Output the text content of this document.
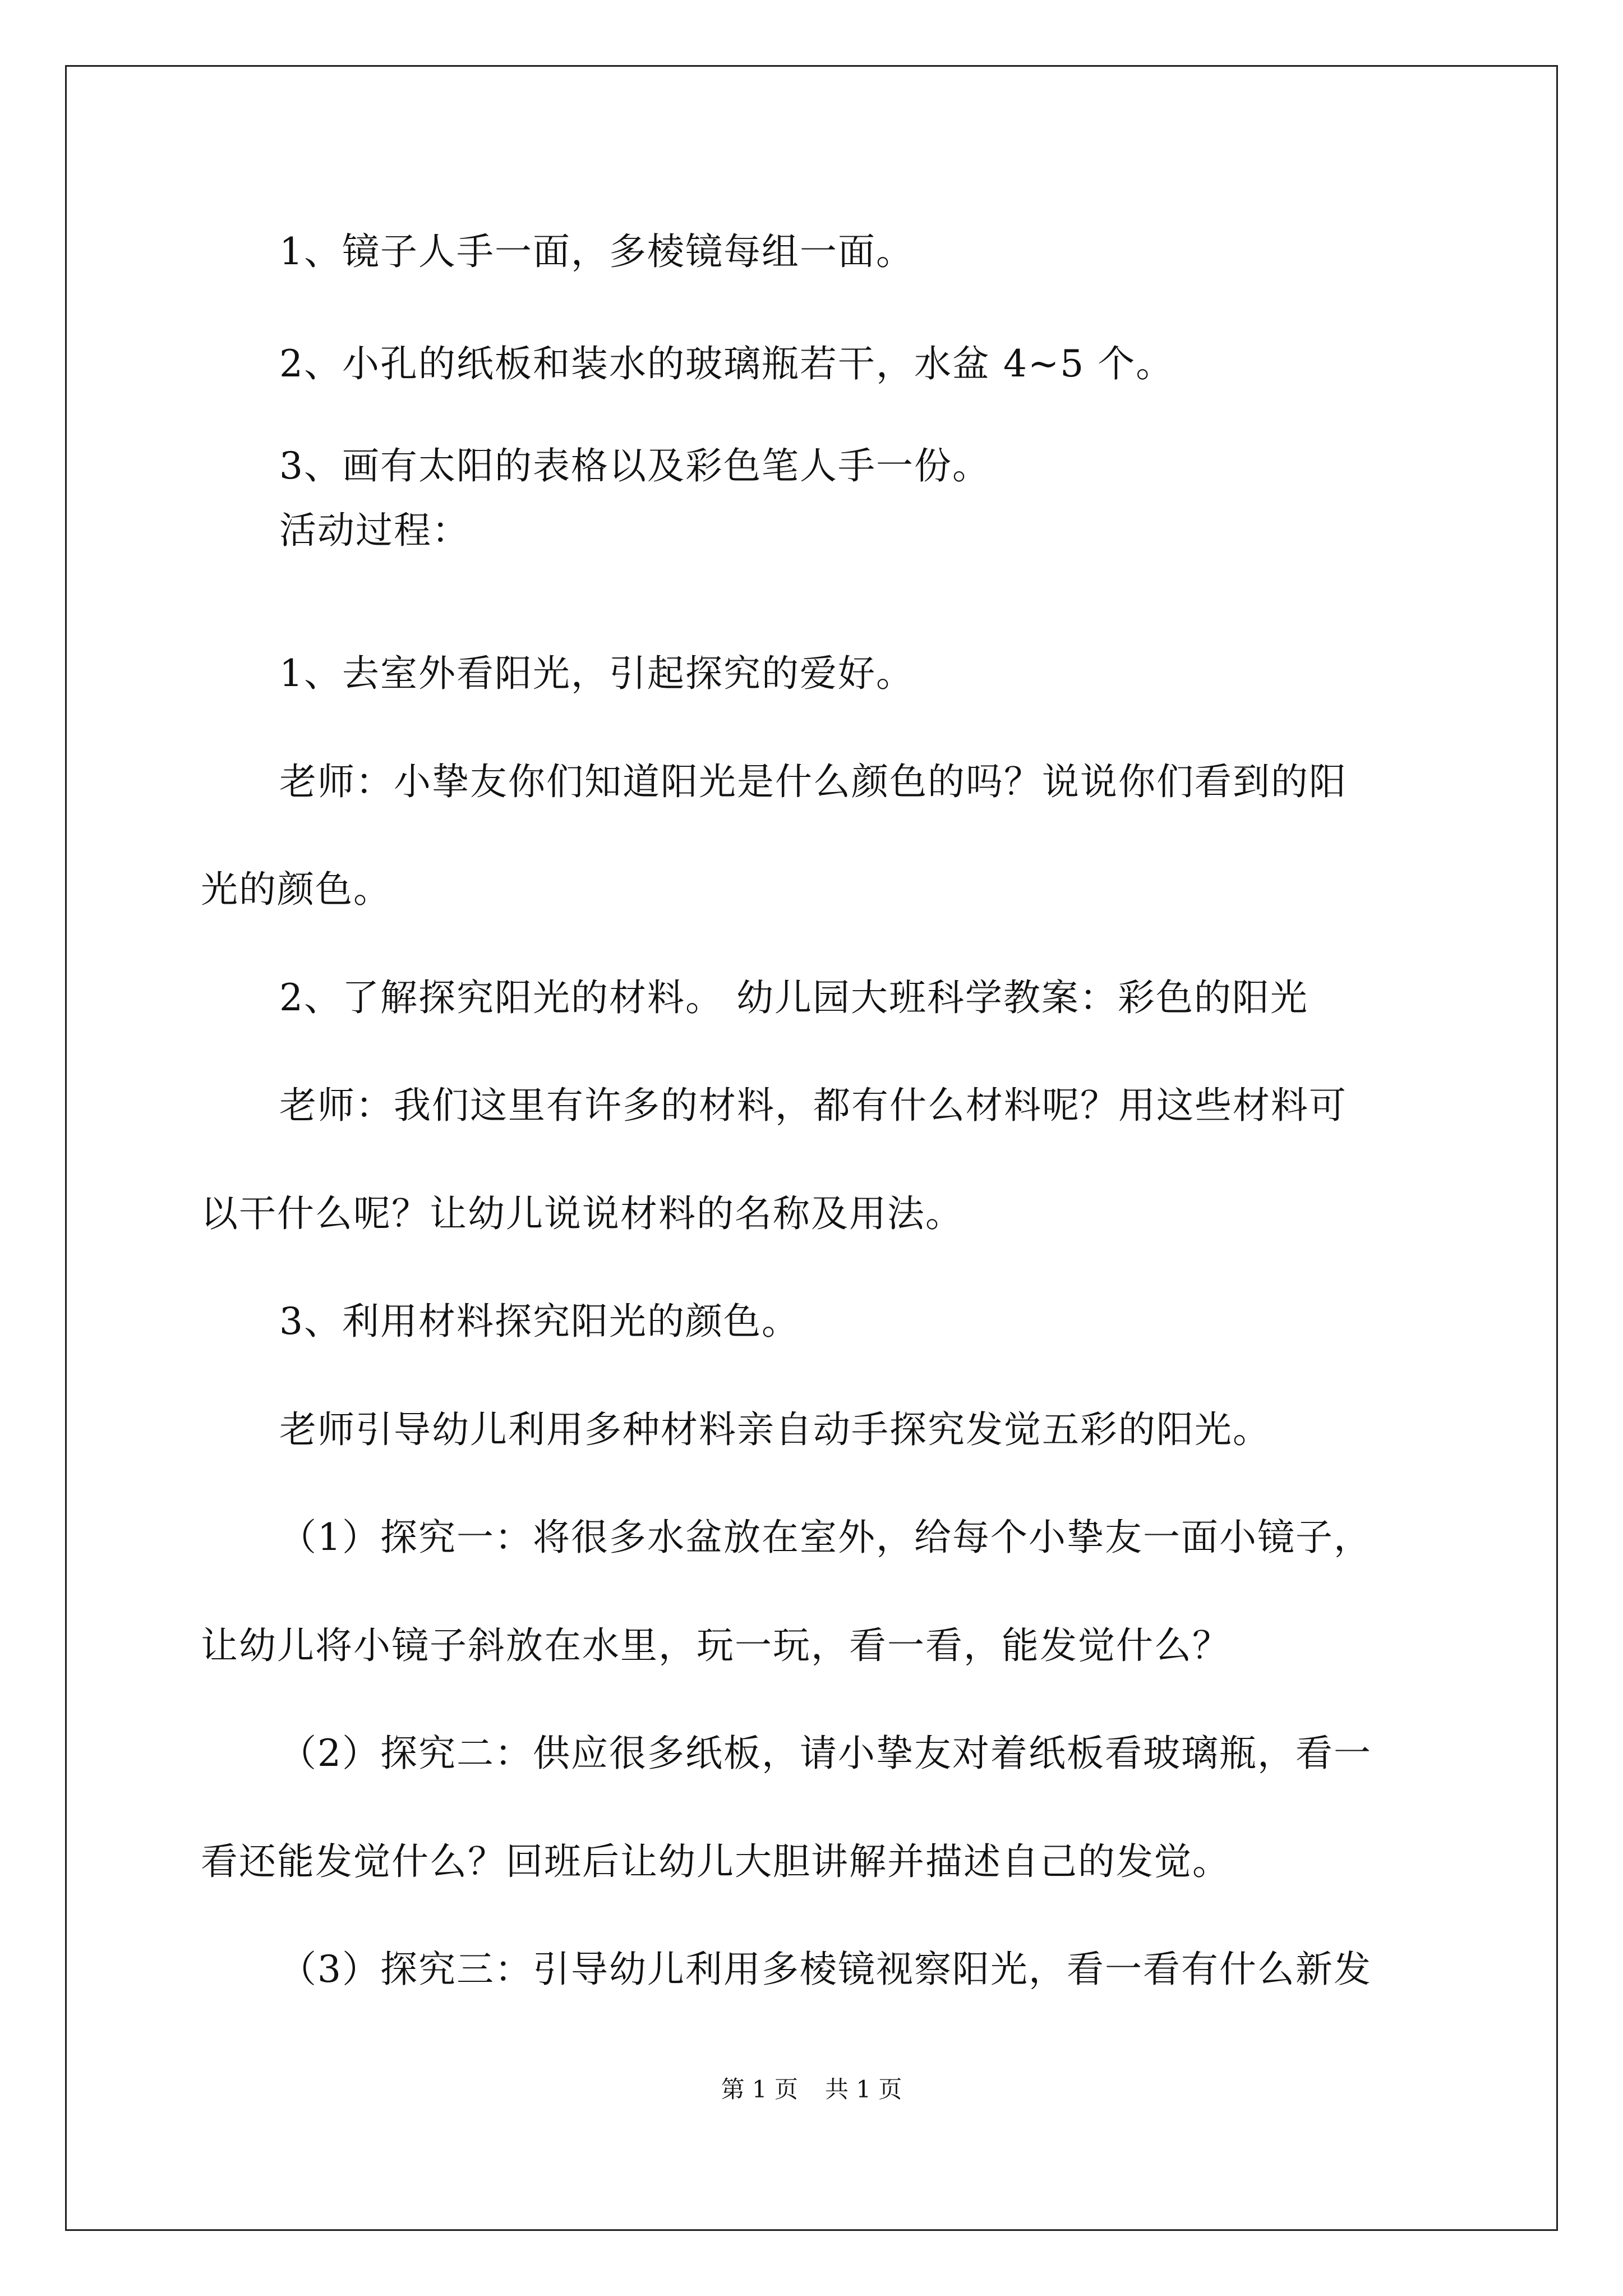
1、镜子人手一面，多棱镜每组一面。
2、小孔的纸板和装水的玻璃瓶若干，水盆 4~5 个。
3、画有太阳的表格以及彩色笔人手一份。
活动过程：
1、去室外看阳光，引起探究的爱好。
老师：小挚友你们知道阳光是什么颜色的吗？说说你们看到的阳
光的颜色。
2、了解探究阳光的材料。 幼儿园大班科学教案：彩色的阳光
老师：我们这里有许多的材料，都有什么材料呢？用这些材料可
以干什么呢？让幼儿说说材料的名称及用法。
3、利用材料探究阳光的颜色。
老师引导幼儿利用多种材料亲自动手探究发觉五彩的阳光。
（1）探究一：将很多水盆放在室外，给每个小挚友一面小镜子，
让幼儿将小镜子斜放在水里，玩一玩，看一看，能发觉什么？
（2）探究二：供应很多纸板，请小挚友对着纸板看玻璃瓶，看一
看还能发觉什么？回班后让幼儿大胆讲解并描述自己的发觉。
（3）探究三：引导幼儿利用多棱镜视察阳光，看一看有什么新发
第 1 页 共 1 页
